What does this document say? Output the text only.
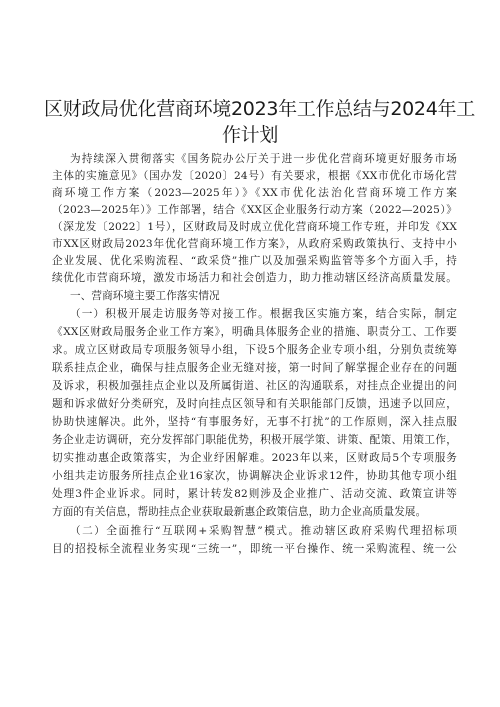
区财政局优化营商环境2023年工作总结与2024年工
作计划
为持续深入贯彻落实《国务院办公厅关于进一步优化营商环境更好服务市场
主体的实施意见》（国办发〔2020〕24号）有关要求，根据《XX市优化市场化营
商环境工作方案（2023—2025年）》《XX市优化法治化营商环境工作方案
（2023—2025年）》工作部署，结合《XX区企业服务行动方案（2022—2025）》
（深龙发〔2022〕1号），区财政局及时成立优化营商环境工作专班，并印发《XX
市XX区财政局2023年优化营商环境工作方案》，从政府采购政策执行、支持中小
企业发展、优化采购流程、“政采贷”推广以及加强采购监管等多个方面入手，持
续优化市营商环境，激发市场活力和社会创造力，助力推动辖区经济高质量发展。
一、营商环境主要工作落实情况
（一）积极开展走访服务等对接工作。根据我区实施方案，结合实际，制定
《XX区财政局服务企业工作方案》，明确具体服务企业的措施、职责分工、工作要
求。成立区财政局专项服务领导小组，下设5个服务企业专项小组，分别负责统筹
联系挂点企业，确保与挂点服务企业无缝对接，第一时间了解掌握企业存在的问题
及诉求，积极加强挂点企业以及所属街道、社区的沟通联系，对挂点企业提出的问
题和诉求做好分类研究，及时向挂点区领导和有关职能部门反馈，迅速予以回应，
协助快速解决。此外，坚持“有事服务好，无事不打扰”的工作原则，深入挂点服
务企业走访调研，充分发挥部门职能优势，积极开展学策、讲策、配策、用策工作，
切实推动惠企政策落实，为企业纾困解难。2023年以来，区财政局5个专项服务
小组共走访服务所挂点企业16家次，协调解决企业诉求12件，协助其他专项小组
处理3件企业诉求。同时，累计转发82则涉及企业推广、活动交流、政策宣讲等
方面的有关信息，帮助挂点企业获取最新惠企政策信息，助力企业高质量发展。
（二）全面推行“互联网+采购智慧”模式。推动辖区政府采购代理招标项
目的招投标全流程业务实现“三统一”，即统一平台操作、统一采购流程、统一公
